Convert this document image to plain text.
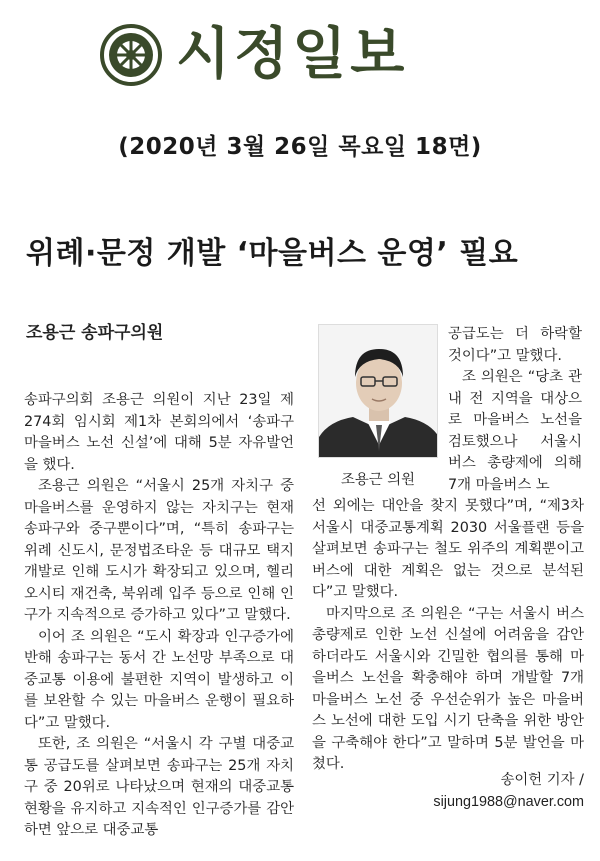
시정일보
(2020년 3월 26일 목요일 18면)
위례·문정 개발 ‘마을버스 운영’ 필요
조용근 송파구의원

송파구의회 조용근 의원이 지난 23일 제274회 임시회 제1차 본회의에서 ‘송파구 마을버스 노선 신설’에 대해 5분 자유발언을 했다.

조용근 의원은 “서울시 25개 자치구 중 마을버스를 운영하지 않는 자치구는 현재 송파구와 중구뿐이다”며, “특히 송파구는 위례 신도시, 문정법조타운 등 대규모 택지 개발로 인해 도시가 확장되고 있으며, 헬리오시티 재건축, 북위례 입주 등으로 인해 인구가 지속적으로 증가하고 있다”고 말했다.

이어 조 의원은 “도시 확장과 인구증가에 반해 송파구는 동서 간 노선망 부족으로 대중교통 이용에 불편한 지역이 발생하고 이를 보완할 수 있는 마을버스 운행이 필요하다”고 말했다.

또한, 조 의원은 “서울시 각 구별 대중교통 공급도를 살펴보면 송파구는 25개 자치구 중 20위로 나타났으며 현재의 대중교통 현황을 유지하고 지속적인 인구증가를 감안하면 앞으로 대중교통

조용근 의원

공급도는 더 하락할 것이다”고 말했다.

조 의원은 “당초 관내 전 지역을 대상으로 마을버스 노선을 검토했으나 서울시 버스 총량제에 의해 7개 마을버스 노

선 외에는 대안을 찾지 못했다”며, “제3차 서울시 대중교통계획 2030 서울플랜 등을 살펴보면 송파구는 철도 위주의 계획뿐이고 버스에 대한 계획은 없는 것으로 분석된다”고 말했다.

마지막으로 조 의원은 “구는 서울시 버스 총량제로 인한 노선 신설에 어려움을 감안하더라도 서울시와 긴밀한 협의를 통해 마을버스 노선을 확충해야 하며 개발할 7개 마을버스 노선 중 우선순위가 높은 마을버스 노선에 대한 도입 시기 단축을 위한 방안을 구축해야 한다”고 말하며 5분 발언을 마쳤다.

송이헌 기자 /
sijung1988@naver.com
